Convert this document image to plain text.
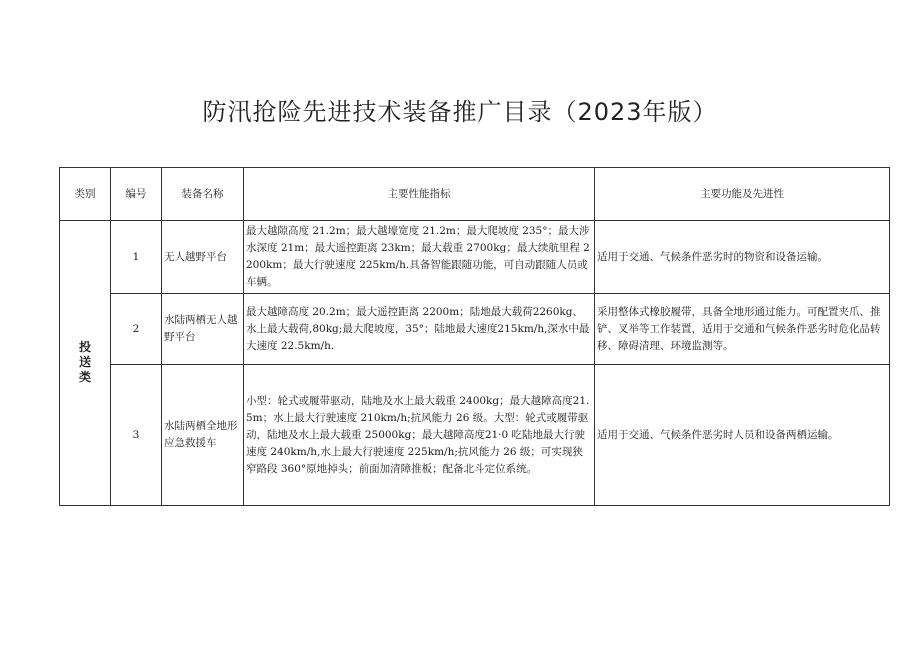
防汛抢险先进技术装备推广目录（2023年版）
类别	编号	装备名称	主要性能指标	主要功能及先进性
投送类	1	无人越野平台	最大越隙高度 21.2m；最大越壕宽度 21.2m；最大爬坡度 235°；最大涉水深度 21m；最大遥控距离 23km；最大载重 2700kg；最大续航里程 2200km；最大行驶速度 225km/h.具备智能跟随功能，可自动跟随人员或车辆。	适用于交通、气候条件恶劣时的物资和设备运输。
	2	水陆两栖无人越野平台	最大越障高度 20.2m；最大遥控距离 2200m；陆地最大载荷2260kg、水上最大载荷,80kg;最大爬坡度，35°；陆地最大速度215km/h,深水中最大速度 22.5km/h.	采用整体式橡胶履带，具备全地形通过能力。可配置夹爪、推铲、叉举等工作装置，适用于交通和气候条件恶劣时危化品转移、障碍清理、环境监测等。
	3	水陆两栖全地形应急救援车	小型：轮式或履带驱动，陆地及水上最大载重 2400kg；最大越障高度21.5m；水上最大行驶速度 210km/h;抗风能力 26 级。大型：轮式或履带驱动，陆地及水上最大载重 25000kg；最大越障高度21·0 吃陆地最大行驶速度 240km/h,水上最大行驶速度 225km/h;抗风能力 26 级；可实现狭窄路段 360°原地掉头；前面加清障推板；配备北斗定位系统。	适用于交通、气候条件恶劣时人员和设备两栖运输。
